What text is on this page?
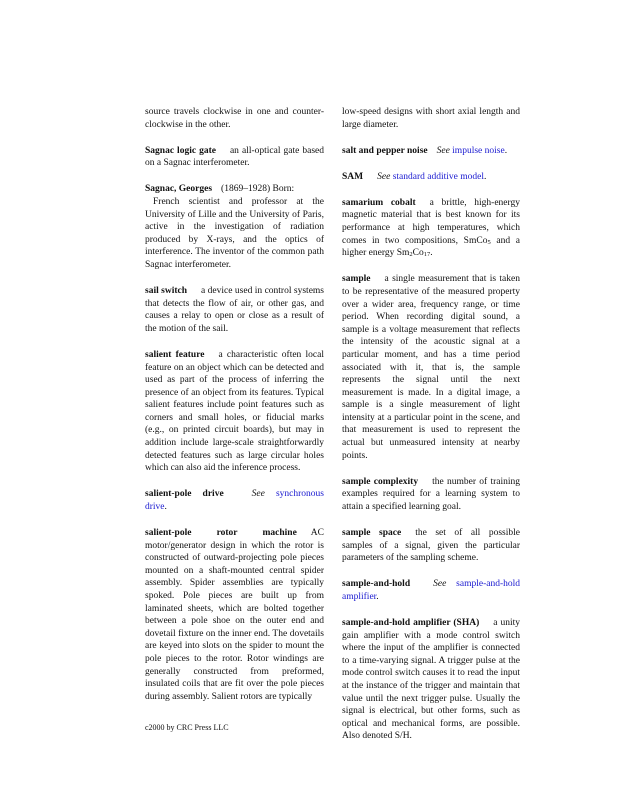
source travels clockwise in one and counter-clockwise in the other.
Sagnac logic gate an all-optical gate based on a Sagnac interferometer.
Sagnac, Georges (1869–1928) Born:
French scientist and professor at the University of Lille and the University of Paris, active in the investigation of radiation produced by X-rays, and the optics of interference. The inventor of the common path Sagnac interferometer.
sail switch a device used in control systems that detects the flow of air, or other gas, and causes a relay to open or close as a result of the motion of the sail.
salient feature a characteristic often local feature on an object which can be detected and used as part of the process of inferring the presence of an object from its features. Typical salient features include point features such as corners and small holes, or fiducial marks (e.g., on printed circuit boards), but may in addition include large-scale straightforwardly detected features such as large circular holes which can also aid the inference process.
salient-pole drive	See synchronous drive.
salient-pole rotor machine AC motor/generator design in which the rotor is constructed of outward-projecting pole pieces mounted on a shaft-mounted central spider assembly. Spider assemblies are typically spoked. Pole pieces are built up from laminated sheets, which are bolted together between a pole shoe on the outer end and dovetail fixture on the inner end. The dovetails are keyed into slots on the spider to mount the pole pieces to the rotor. Rotor windings are generally constructed from preformed, insulated coils that are fit over the pole pieces during assembly. Salient rotors are typically
low-speed designs with short axial length and large diameter.
salt and pepper noise See impulse noise.
SAM See standard additive model.
samarium cobalt a brittle, high-energy magnetic material that is best known for its performance at high temperatures, which comes in two compositions, SmCo$_5$ and a higher energy $Sm_2Co_{17}$.
sample a single measurement that is taken to be representative of the measured property over a wider area, frequency range, or time period. When recording digital sound, a sample is a voltage measurement that reflects the intensity of the acoustic signal at a particular moment, and has a time period associated with it, that is, the sample represents the signal until the next measurement is made. In a digital image, a sample is a single measurement of light intensity at a particular point in the scene, and that measurement is used to represent the actual but unmeasured intensity at nearby points.
sample complexity the number of training examples required for a learning system to attain a specified learning goal.
sample space the set of all possible samples of a signal, given the particular parameters of the sampling scheme.
sample-and-hold See sample-and-hold amplifier.
sample-and-hold amplifier (SHA) a unity gain amplifier with a mode control switch where the input of the amplifier is connected to a time-varying signal. A trigger pulse at the mode control switch causes it to read the input at the instance of the trigger and maintain that value until the next trigger pulse. Usually the signal is electrical, but other forms, such as optical and mechanical forms, are possible. Also denoted S/H.
c2000 by CRC Press LLC
